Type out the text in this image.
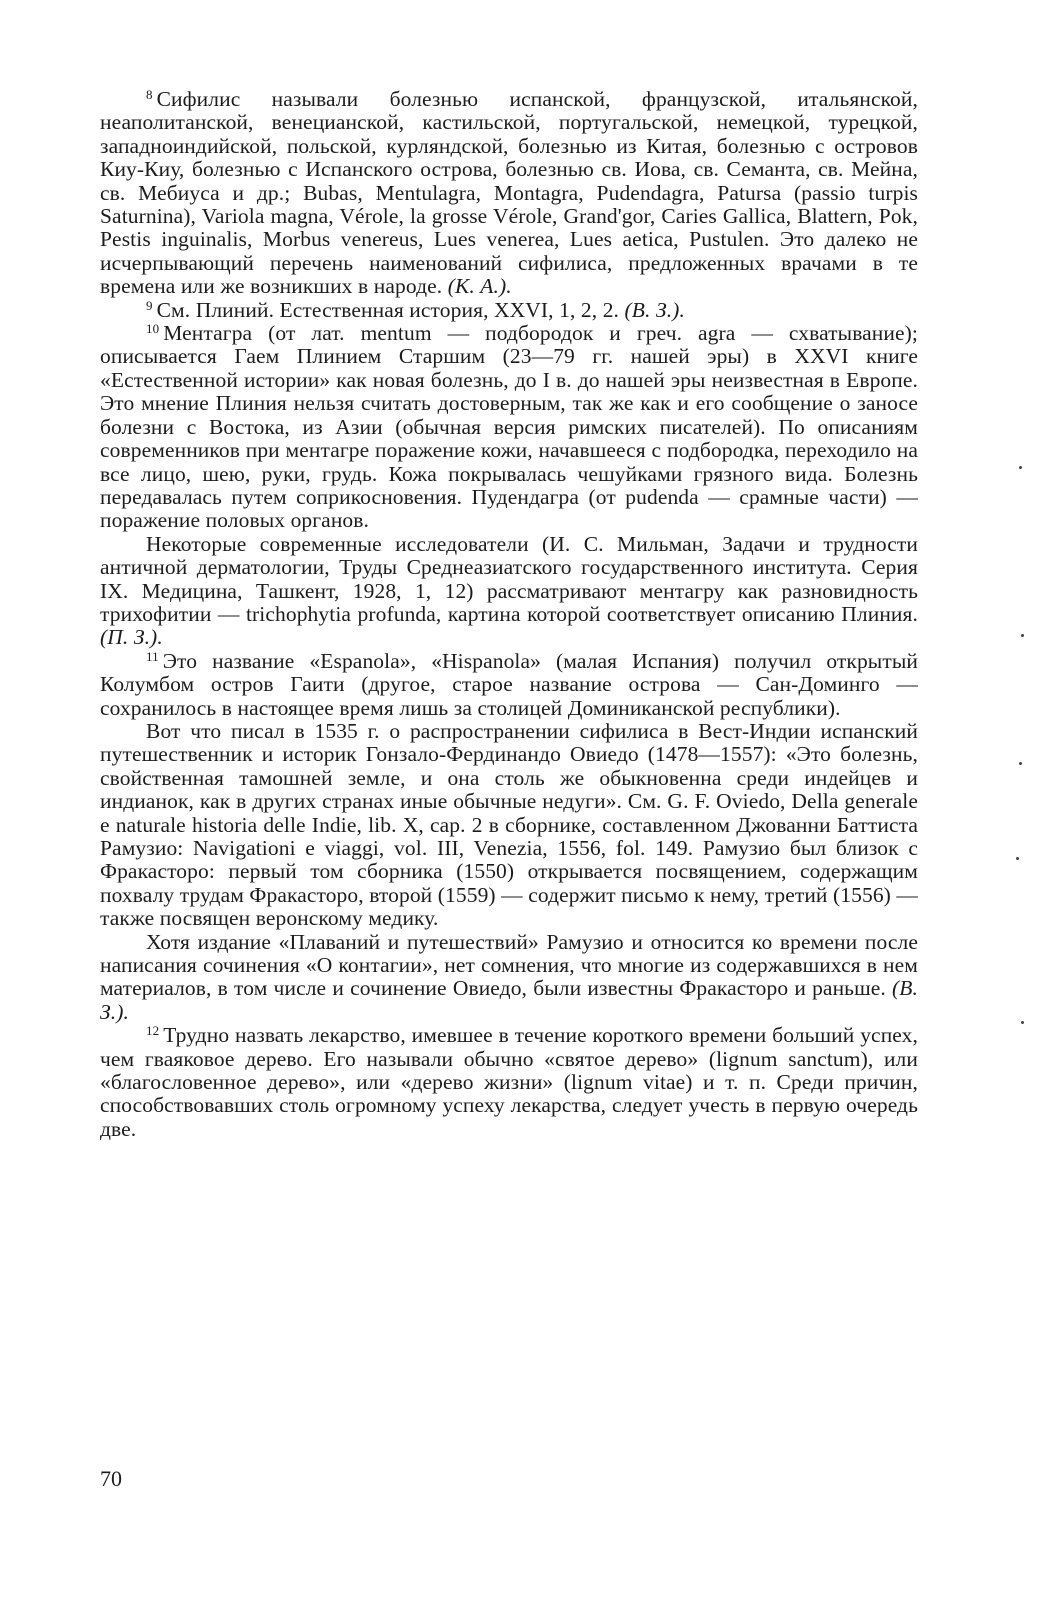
$^8$ Сифилис называли болезнью испанской, французской, итальянской, неаполитанской, венецианской, кастильской, португальской, немецкой, турецкой, западноиндийской, польской, курляндской, болезнью из Китая, болезнью с островов Киу-Киу, болезнью с Испанского острова, болезнью св. Иова, св. Семанта, св. Мейна, св. Мебиуса и др.; Bubas, Mentulagra, Montagra, Pudendagra, Patursa (passio turpis Saturnina), Variola magna, Vérole, la grosse Vérole, Grand'gor, Caries Gallica, Blattern, Pok, Pestis inguinalis, Morbus venereus, Lues venerea, Lues aetica, Pustulen. Это далеко не исчерпывающий перечень наименований сифилиса, предложенных врачами в те времена или же возникших в народе. (К. А.).

$^9$ См. Плиний. Естественная история, XXVI, 1, 2, 2. (В. З.).

$^{10}$ Ментагра (от лат. mentum — подбородок и греч. agra — схватывание); описывается Гаем Плинием Старшим (23—79 гг. нашей эры) в XXVI книге «Естественной истории» как новая болезнь, до I в. до нашей эры неизвестная в Европе. Это мнение Плиния нельзя считать достоверным, так же как и его сообщение о заносе болезни с Востока, из Азии (обычная версия римских писателей). По описаниям современников при ментагре поражение кожи, начавшееся с подбородка, переходило на все лицо, шею, руки, грудь. Кожа покрывалась чешуйками грязного вида. Болезнь передавалась путем соприкосновения. Пудендагра (от pudenda — срамные части) — поражение половых органов.

Некоторые современные исследователи (И. С. Мильман, Задачи и трудности античной дерматологии, Труды Среднеазиатского государственного института. Серия IX. Медицина, Ташкент, 1928, 1, 12) рассматривают ментагру как разновидность трихофитии — trichophytia profunda, картина которой соответствует описанию Плиния. (П. З.).

$^{11}$ Это название «Espanola», «Hispanola» (малая Испания) получил открытый Колумбом остров Гаити (другое, старое название острова — Сан-Доминго — сохранилось в настоящее время лишь за столицей Доминиканской республики).

Вот что писал в 1535 г. о распространении сифилиса в Вест-Индии испанский путешественник и историк Гонзало-Фердинандо Овиедо (1478—1557): «Это болезнь, свойственная тамошней земле, и она столь же обыкновенна среди индейцев и индианок, как в других странах иные обычные недуги». См. G. F. Oviedo, Della generale e naturale historia delle Indie, lib. X, cap. 2 в сборнике, составленном Джованни Баттиста Рамузио: Navigationi e viaggi, vol. III, Venezia, 1556, fol. 149. Рамузио был близок с Фракасторо: первый том сборника (1550) открывается посвящением, содержащим похвалу трудам Фракасторо, второй (1559) — содержит письмо к нему, третий (1556) — также посвящен веронскому медику.

Хотя издание «Плаваний и путешествий» Рамузио и относится ко времени после написания сочинения «О контагии», нет сомнения, что многие из содержавшихся в нем материалов, в том числе и сочинение Овиедо, были известны Фракасторо и раньше. (В. З.).

$^{12}$ Трудно назвать лекарство, имевшее в течение короткого времени больший успех, чем гваяковое дерево. Его называли обычно «святое дерево» (lignum sanctum), или «благословенное дерево», или «дерево жизни» (lignum vitae) и т. п. Среди причин, способствовавших столь огромному успеху лекарства, следует учесть в первую очередь две.

70
